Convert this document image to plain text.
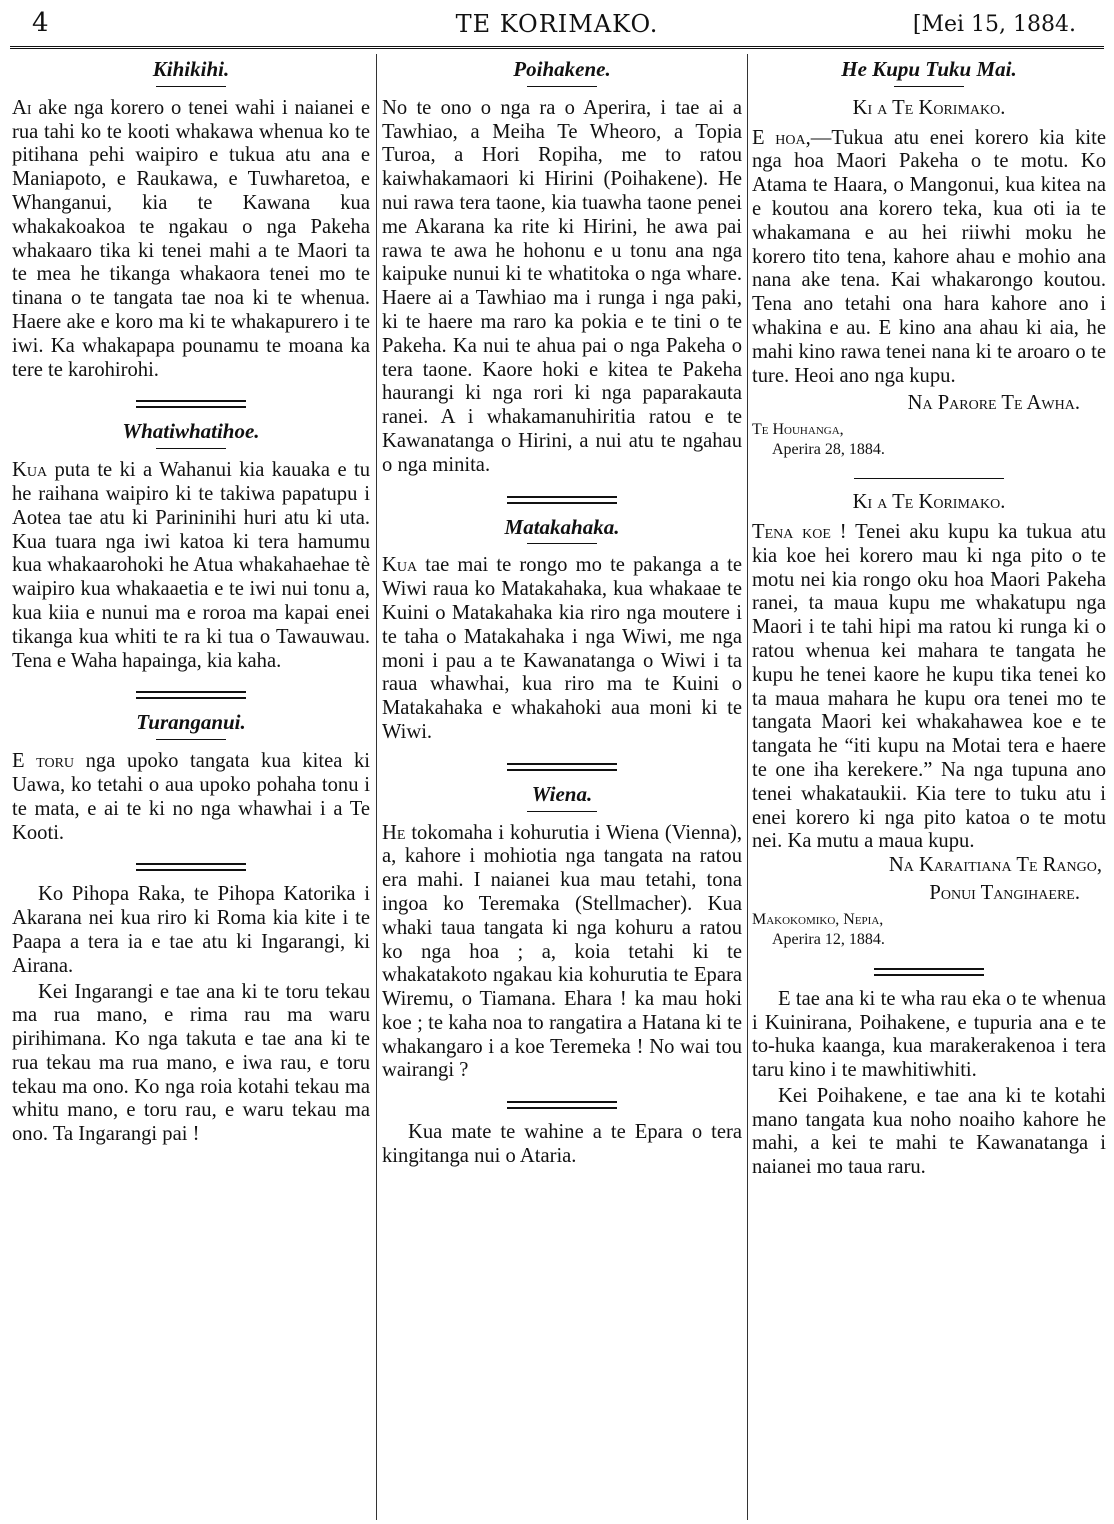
4	TE KORIMAKO.	[Mei 15, 1884.
Kihikihi.

Ai ake nga korero o tenei wahi i naianei e rua tahi ko te kooti whakawa whenua ko te pitihana pehi waipiro e tukua atu ana e Maniapoto, e Raukawa, e Tuwharetoa, e Whanganui, kia te Kawana kua whakakoakoa te ngakau o nga Pakeha whakaaro tika ki tenei mahi a te Maori ta te mea he tikanga whakaora tenei mo te tinana o te tangata tae noa ki te whenua. Haere ake e koro ma ki te whakapurero i te iwi. Ka whakapapa pounamu te moana ka tere te karohirohi.

Whatiwhatihoe.

Kua puta te ki a Wahanui kia kauaka e tu he raihana waipiro ki te takiwa papatupu i Aotea tae atu ki Parininihi huri atu ki uta. Kua tuara nga iwi katoa ki tera hamumu kua whakaarohoki he Atua whakahaehae tè waipiro kua whakaaetia e te iwi nui tonu a, kua kiia e nunui ma e roroa ma kapai enei tikanga kua whiti te ra ki tua o Tawauwau. Tena e Waha hapainga, kia kaha.

Turanganui.

E toru nga upoko tangata kua kitea ki Uawa, ko tetahi o aua upoko pohaha tonu i te mata, e ai te ki no nga whawhai i a Te Kooti.

Ko Pihopa Raka, te Pihopa Katorika i Akarana nei kua riro ki Roma kia kite i te Paapa a tera ia e tae atu ki Ingarangi, ki Airana.

Kei Ingarangi e tae ana ki te toru tekau ma rua mano, e rima rau ma waru pirihimana. Ko nga takuta e tae ana ki te rua tekau ma rua mano, e iwa rau, e toru tekau ma ono. Ko nga roia kotahi tekau ma whitu mano, e toru rau, e waru tekau ma ono. Ta Ingarangi pai !

Poihakene.

No te ono o nga ra o Aperira, i tae ai a Tawhiao, a Meiha Te Wheoro, a Topia Turoa, a Hori Ropiha, me to ratou kaiwhakamaori ki Hirini (Poihakene). He nui rawa tera taone, kia tuawha taone penei me Akarana ka rite ki Hirini, he awa pai rawa te awa he hohonu e u tonu ana nga kaipuke nunui ki te whatitoka o nga whare. Haere ai a Tawhiao ma i runga i nga paki, ki te haere ma raro ka pokia e te tini o te Pakeha. Ka nui te ahua pai o nga Pakeha o tera taone. Kaore hoki e kitea te Pakeha haurangi ki nga rori ki nga paparakauta ranei. A i whakamanuhiritia ratou e te Kawanatanga o Hirini, a nui atu te ngahau o nga minita.

Matakahaka.

Kua tae mai te rongo mo te pakanga a te Wiwi raua ko Matakahaka, kua whakaae te Kuini o Matakahaka kia riro nga moutere i te taha o Matakahaka i nga Wiwi, me nga moni i pau a te Kawanatanga o Wiwi i ta raua whawhai, kua riro ma te Kuini o Matakahaka e whakahoki aua moni ki te Wiwi.

Wiena.

He tokomaha i kohurutia i Wiena (Vienna), a, kahore i mohiotia nga tangata na ratou era mahi. I naianei kua mau tetahi, tona ingoa ko Teremaka (Stellmacher). Kua whaki taua tangata ki nga kohuru a ratou ko nga hoa ; a, koia tetahi ki te whakatakoto ngakau kia kohurutia te Epara Wiremu, o Tiamana. Ehara ! ka mau hoki koe ; te kaha noa to rangatira a Hatana ki te whakangaro i a koe Teremeka ! No wai tou wairangi ?

Kua mate te wahine a te Epara o tera kingitanga nui o Ataria.

He Kupu Tuku Mai.
Ki a Te Korimako.

E hoa,—Tukua atu enei korero kia kite nga hoa Maori Pakeha o te motu. Ko Atama te Haara, o Mangonui, kua kitea na e koutou ana korero teka, kua oti ia te whakamana e au hei riiwhi moku he korero tito tena, kahore ahau e mohio ana nana ake tena. Kai whakarongo koutou. Tena ano tetahi ona hara kahore ano i whakina e au. E kino ana ahau ki aia, he mahi kino rawa tenei nana ki te aroaro o te ture. Heoi ano nga kupu.

Na Parore Te Awha.
Te Houhanga,
Aperira 28, 1884.
Ki a Te Korimako.

Tena koe ! Tenei aku kupu ka tukua atu kia koe hei korero mau ki nga pito o te motu nei kia rongo oku hoa Maori Pakeha ranei, ta maua kupu me whakatupu nga Maori i te tahi hipi ma ratou ki runga ki o ratou whenua kei mahara te tangata he kupu he tenei kaore he kupu tika tenei ko ta maua mahara he kupu ora tenei mo te tangata Maori kei whakahawea koe e te tangata he “iti kupu na Motai tera e haere te one iha kerekere.” Na nga tupuna ano tenei whakataukii. Kia tere to tuku atu i enei korero ki nga pito katoa o te motu nei. Ka mutu a maua kupu.

Na Karaitiana Te Rango,
Ponui Tangihaere.
Makokomiko, Nepia,
Aperira 12, 1884.

E tae ana ki te wha rau eka o te whenua i Kuinirana, Poihakene, e tupuria ana e te to-huka kaanga, kua marakerakenoa i tera taru kino i te mawhitiwhiti.

Kei Poihakene, e tae ana ki te kotahi mano tangata kua noho noaiho kahore he mahi, a kei te mahi te Kawanatanga i naianei mo taua raru.
